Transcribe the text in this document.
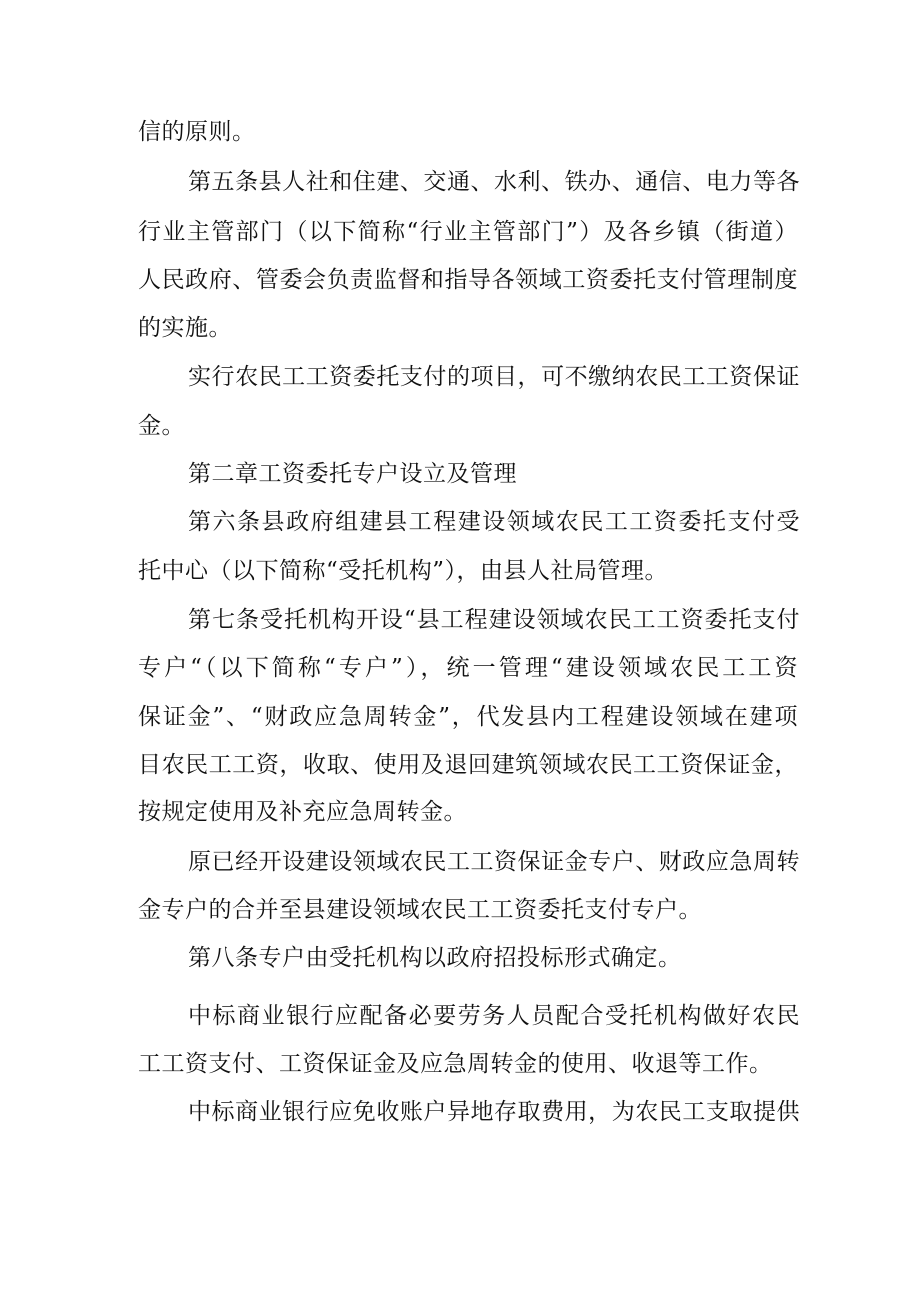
信的原则。
第五条县人社和住建、交通、水利、铁办、通信、电力等各
行业主管部门（以下简称“行业主管部门”）及各乡镇（街道）
人民政府、管委会负责监督和指导各领域工资委托支付管理制度
的实施。
实行农民工工资委托支付的项目，可不缴纳农民工工资保证
金。
第二章工资委托专户设立及管理
第六条县政府组建县工程建设领域农民工工资委托支付受
托中心（以下简称“受托机构”），由县人社局管理。
第七条受托机构开设“县工程建设领域农民工工资委托支付
专户“（以下简称“专户”），统一管理“建设领域农民工工资
保证金”、“财政应急周转金”，代发县内工程建设领域在建项
目农民工工资，收取、使用及退回建筑领域农民工工资保证金，
按规定使用及补充应急周转金。
原已经开设建设领域农民工工资保证金专户、财政应急周转
金专户的合并至县建设领域农民工工资委托支付专户。
第八条专户由受托机构以政府招投标形式确定。
中标商业银行应配备必要劳务人员配合受托机构做好农民
工工资支付、工资保证金及应急周转金的使用、收退等工作。
中标商业银行应免收账户异地存取费用，为农民工支取提供
